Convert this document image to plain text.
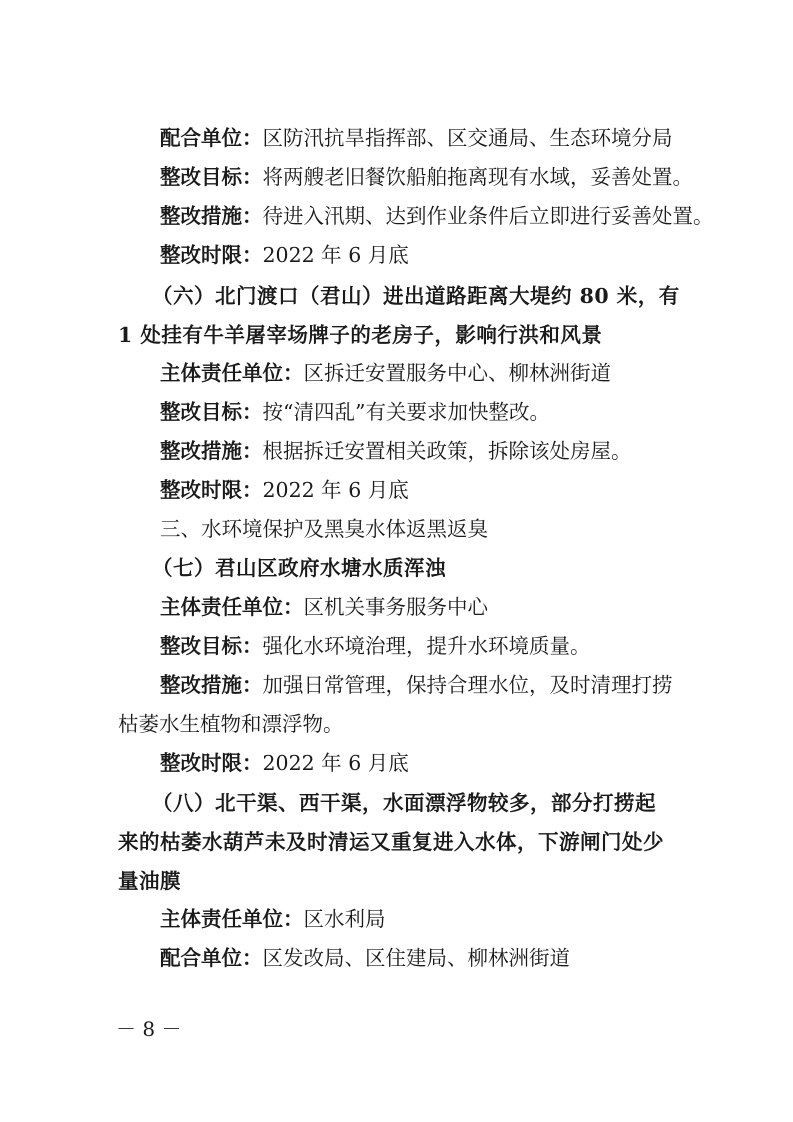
配合单位：区防汛抗旱指挥部、区交通局、生态环境分局
整改目标：将两艘老旧餐饮船舶拖离现有水域，妥善处置。
整改措施：待进入汛期、达到作业条件后立即进行妥善处置。
整改时限：2022 年 6 月底
（六）北门渡口（君山）进出道路距离大堤约 80 米，有
1 处挂有牛羊屠宰场牌子的老房子，影响行洪和风景
主体责任单位：区拆迁安置服务中心、柳林洲街道
整改目标：按“清四乱”有关要求加快整改。
整改措施：根据拆迁安置相关政策，拆除该处房屋。
整改时限：2022 年 6 月底
三、水环境保护及黑臭水体返黑返臭
（七）君山区政府水塘水质浑浊
主体责任单位：区机关事务服务中心
整改目标：强化水环境治理，提升水环境质量。
整改措施：加强日常管理，保持合理水位，及时清理打捞
枯萎水生植物和漂浮物。
整改时限：2022 年 6 月底
（八）北干渠、西干渠，水面漂浮物较多，部分打捞起
来的枯萎水葫芦未及时清运又重复进入水体，下游闸门处少
量油膜
主体责任单位：区水利局
配合单位：区发改局、区住建局、柳林洲街道
－ 8 －
